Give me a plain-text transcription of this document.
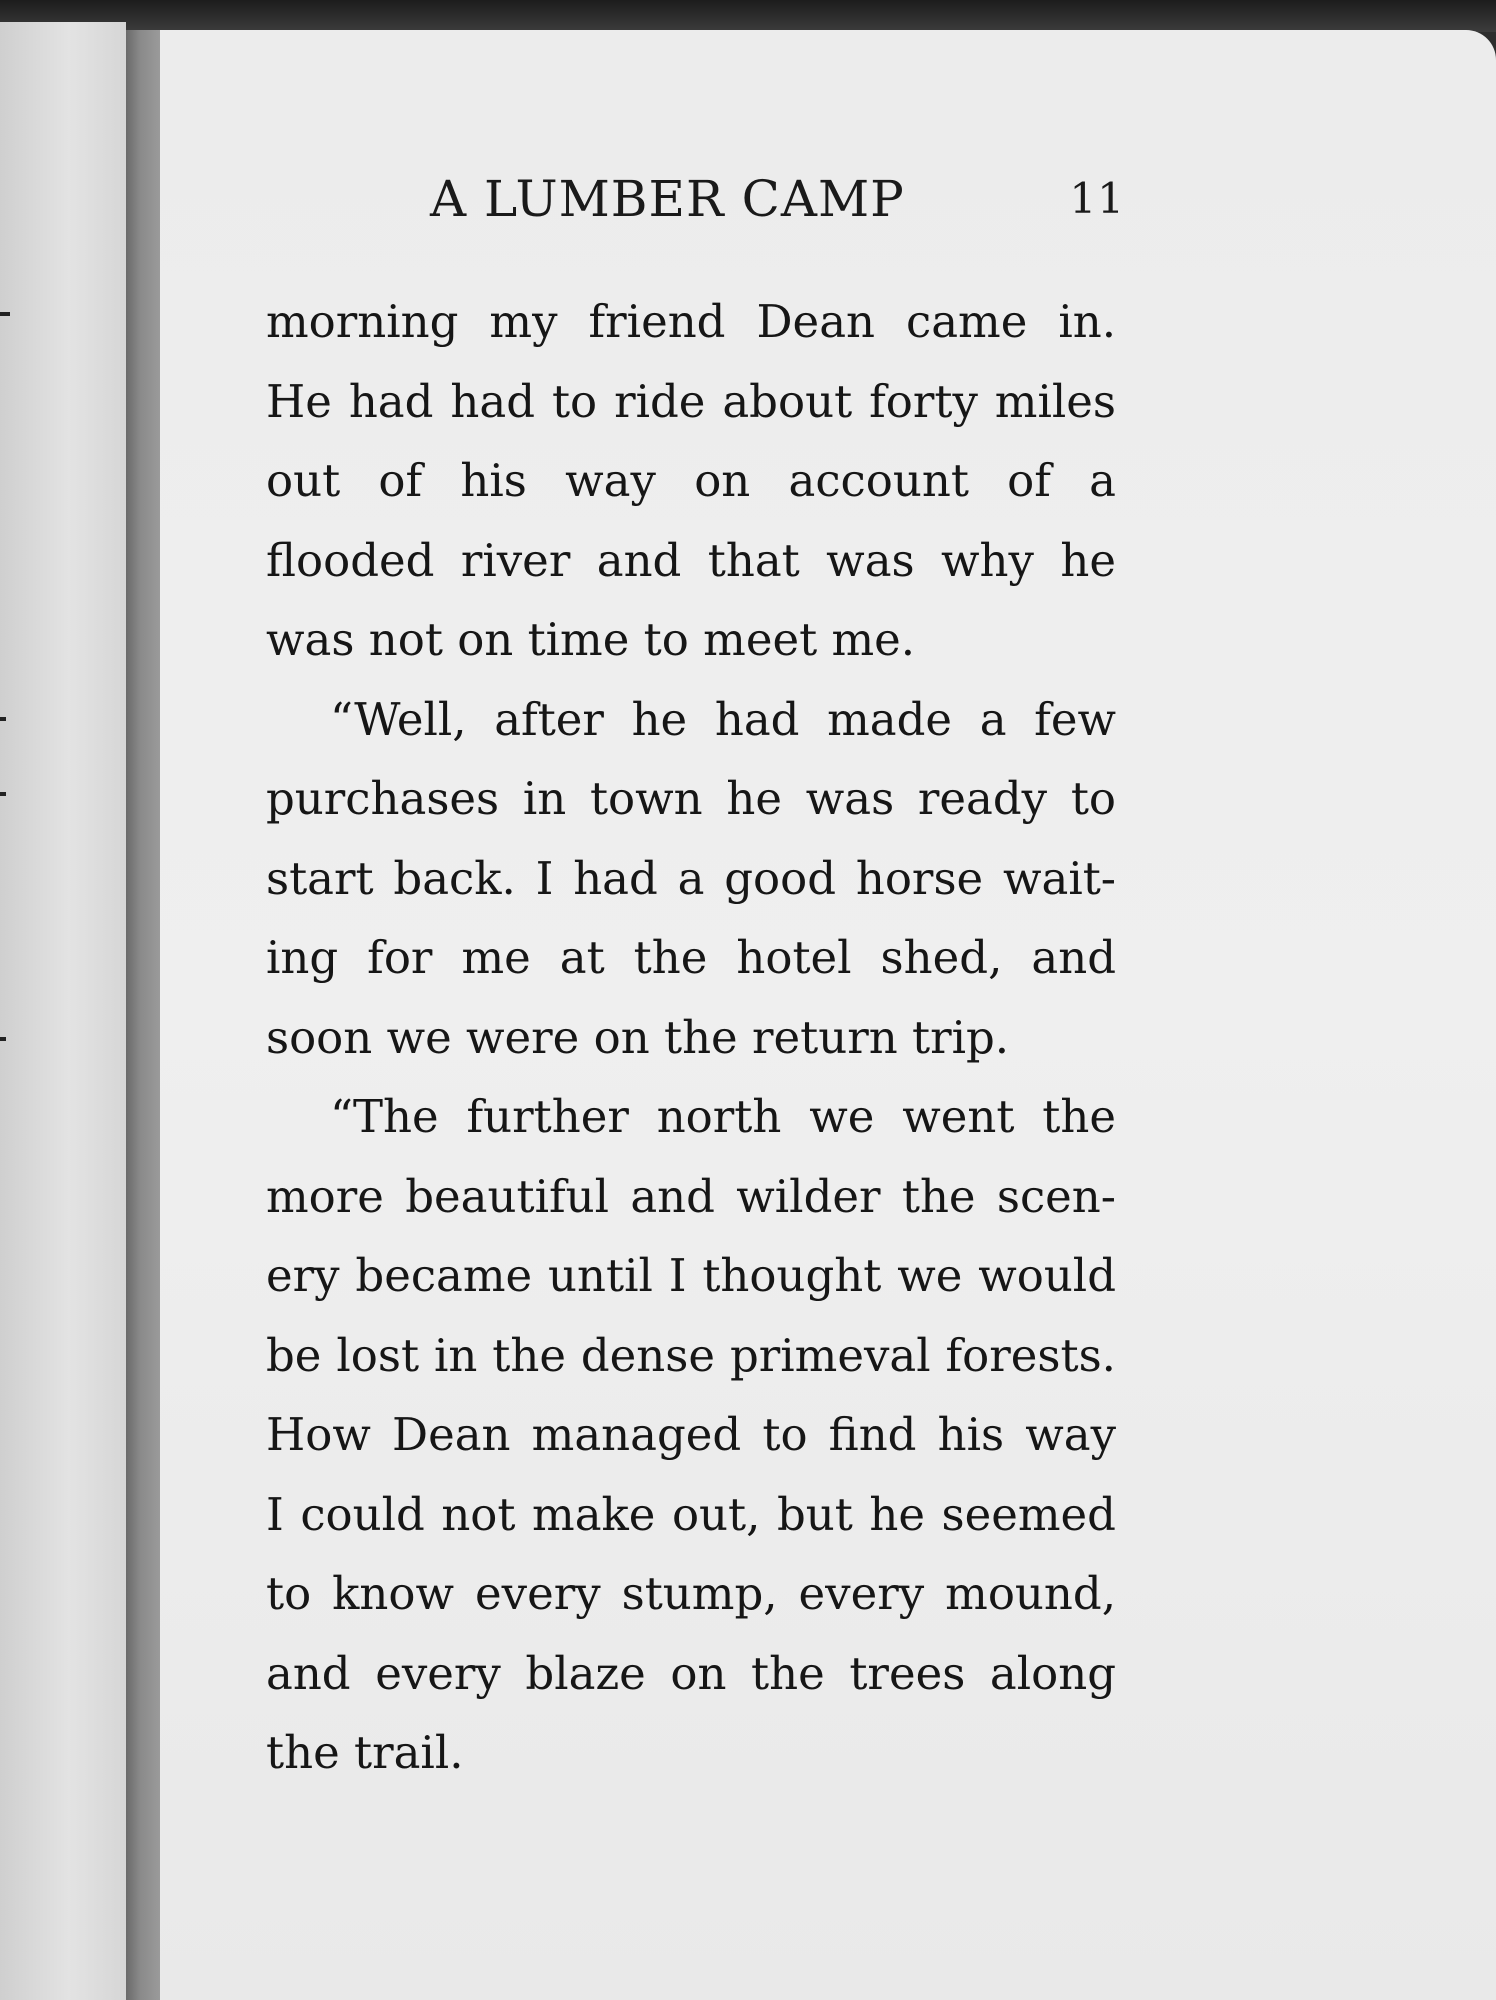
A LUMBER CAMP	11
morning my friend Dean came in.
He had had to ride about forty miles
out of his way on account of a
flooded river and that was why he
was not on time to meet me.
“Well, after he had made a few
purchases in town he was ready to
start back. I had a good horse wait-
ing for me at the hotel shed, and
soon we were on the return trip.
“The further north we went the
more beautiful and wilder the scen-
ery became until I thought we would
be lost in the dense primeval forests.
How Dean managed to find his way
I could not make out, but he seemed
to know every stump, every mound,
and every blaze on the trees along
the trail.
